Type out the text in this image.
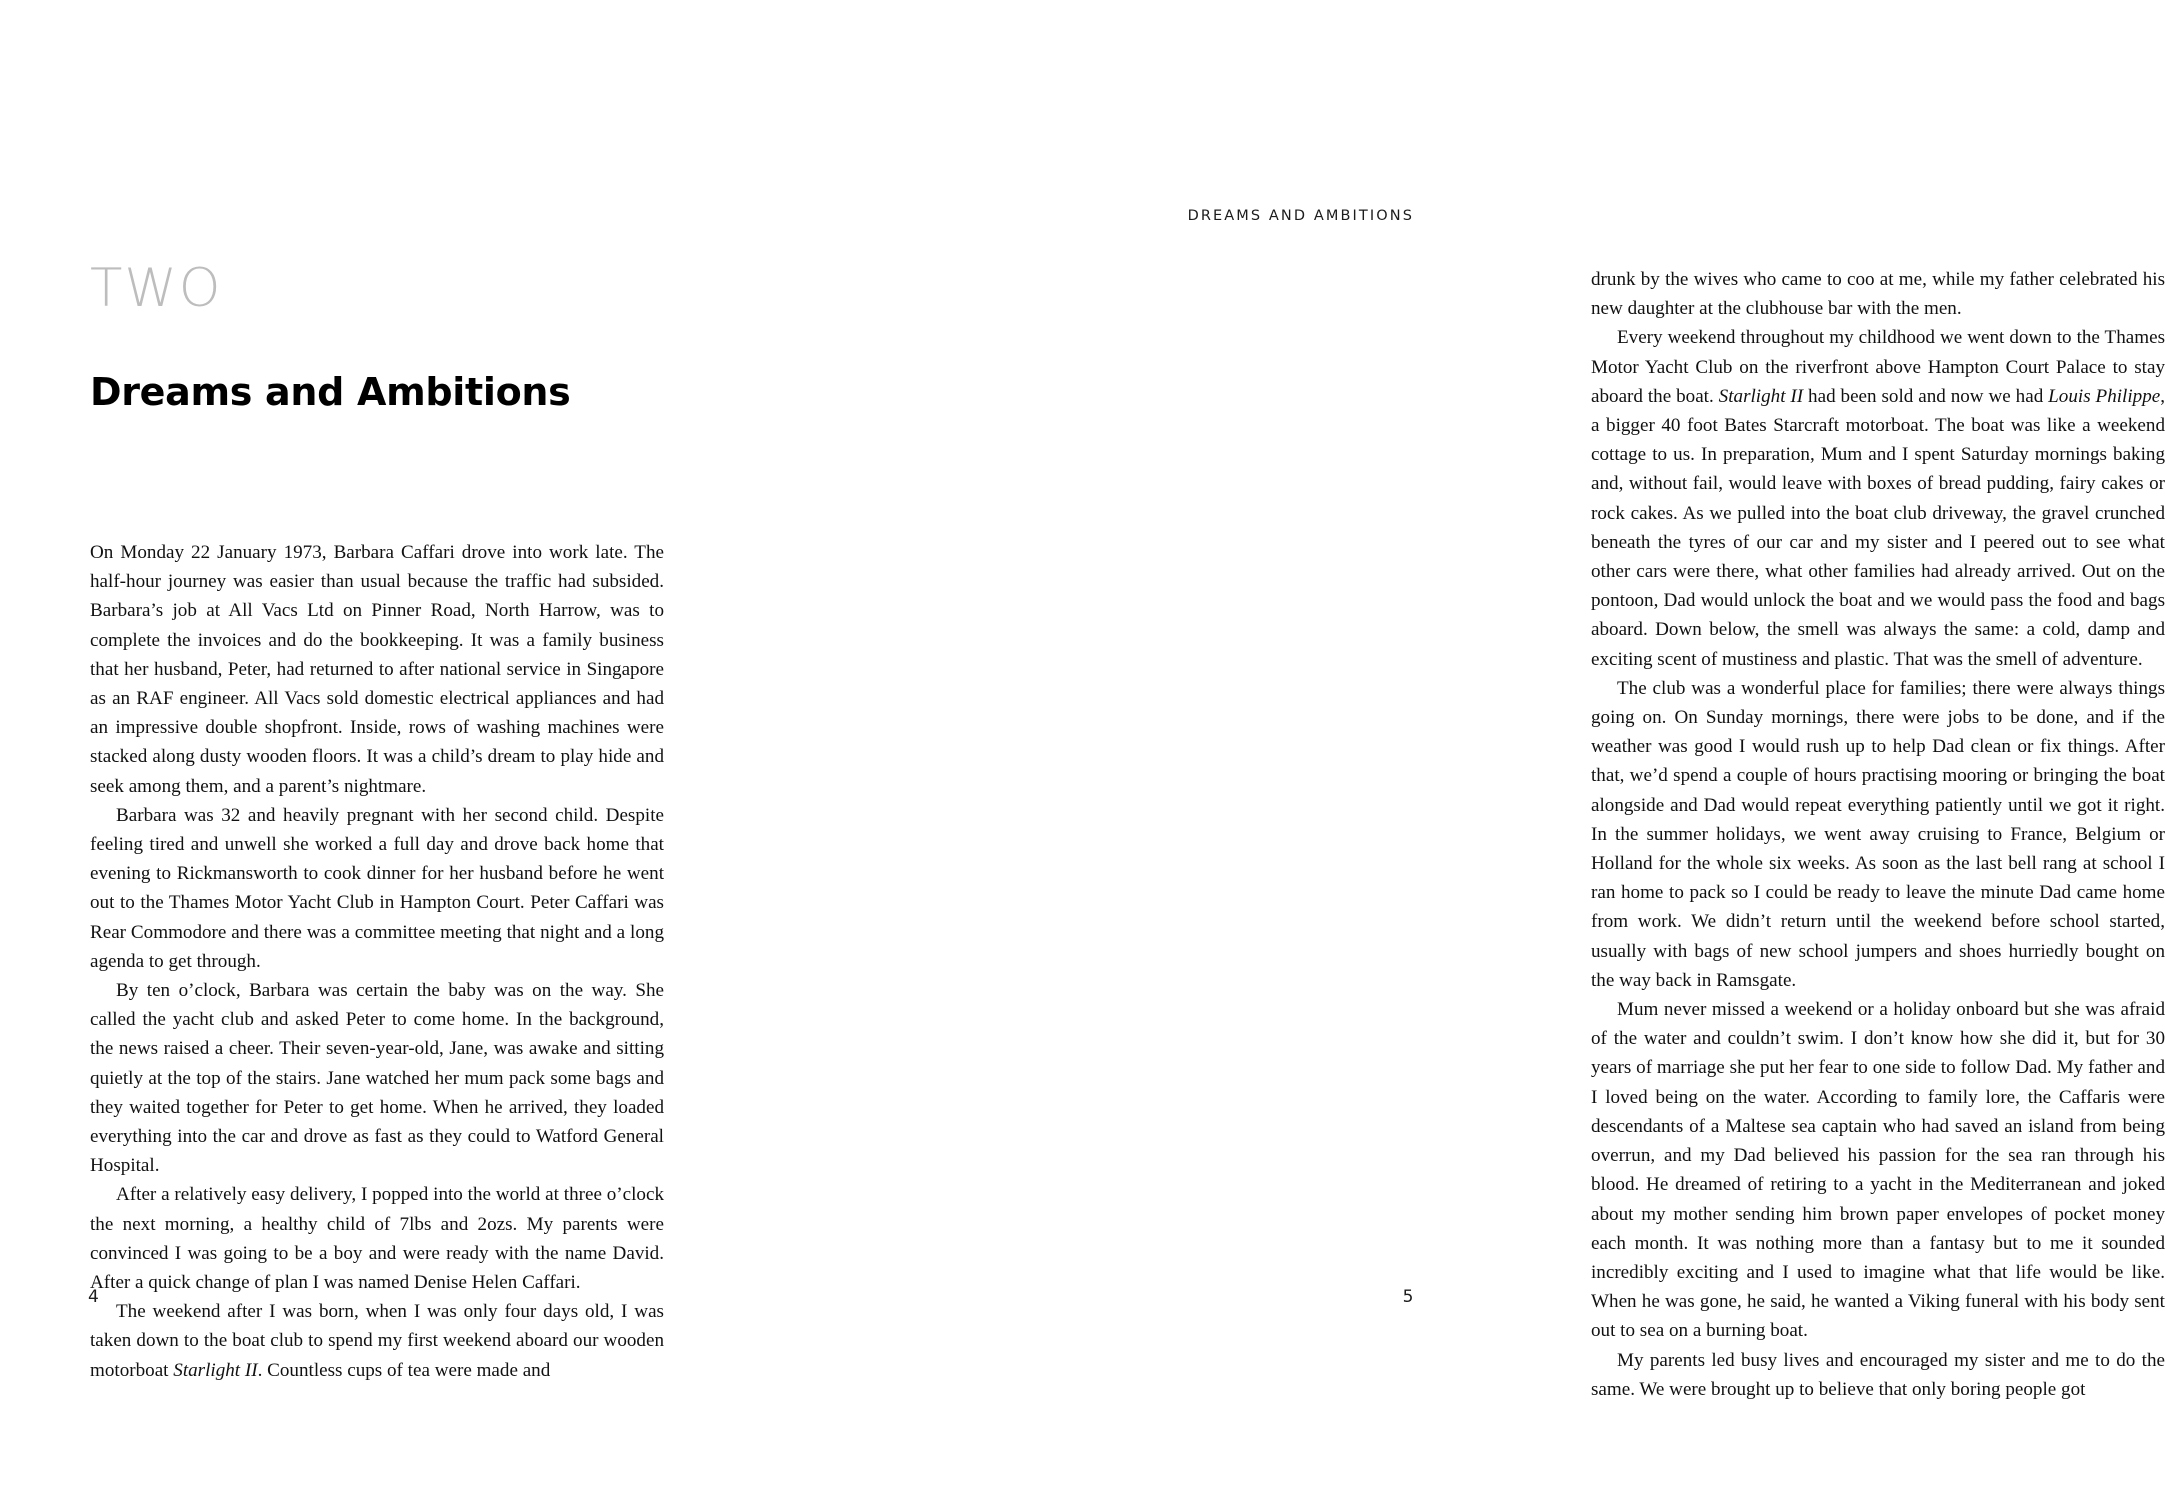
TWO
Dreams and Ambitions

On Monday 22 January 1973, Barbara Caffari drove into work late. The half-hour journey was easier than usual because the traffic had subsided. Barbara’s job at All Vacs Ltd on Pinner Road, North Harrow, was to complete the invoices and do the bookkeeping. It was a family business that her husband, Peter, had returned to after national service in Singapore as an RAF engineer. All Vacs sold domestic electrical appliances and had an impressive double shopfront. Inside, rows of washing machines were stacked along dusty wooden floors. It was a child’s dream to play hide and seek among them, and a parent’s nightmare.

Barbara was 32 and heavily pregnant with her second child. Despite feeling tired and unwell she worked a full day and drove back home that evening to Rickmansworth to cook dinner for her husband before he went out to the Thames Motor Yacht Club in Hampton Court. Peter Caffari was Rear Commodore and there was a committee meeting that night and a long agenda to get through.

By ten o’clock, Barbara was certain the baby was on the way. She called the yacht club and asked Peter to come home. In the background, the news raised a cheer. Their seven-year-old, Jane, was awake and sitting quietly at the top of the stairs. Jane watched her mum pack some bags and they waited together for Peter to get home. When he arrived, they loaded everything into the car and drove as fast as they could to Watford General Hospital.

After a relatively easy delivery, I popped into the world at three o’clock the next morning, a healthy child of 7lbs and 2ozs. My parents were convinced I was going to be a boy and were ready with the name David. After a quick change of plan I was named Denise Helen Caffari.

The weekend after I was born, when I was only four days old, I was taken down to the boat club to spend my first weekend aboard our wooden motorboat Starlight II. Countless cups of tea were made and

4
DREAMS AND AMBITIONS

drunk by the wives who came to coo at me, while my father celebrated his new daughter at the clubhouse bar with the men.

Every weekend throughout my childhood we went down to the Thames Motor Yacht Club on the riverfront above Hampton Court Palace to stay aboard the boat. Starlight II had been sold and now we had Louis Philippe, a bigger 40 foot Bates Starcraft motorboat. The boat was like a weekend cottage to us. In preparation, Mum and I spent Saturday mornings baking and, without fail, would leave with boxes of bread pudding, fairy cakes or rock cakes. As we pulled into the boat club driveway, the gravel crunched beneath the tyres of our car and my sister and I peered out to see what other cars were there, what other families had already arrived. Out on the pontoon, Dad would unlock the boat and we would pass the food and bags aboard. Down below, the smell was always the same: a cold, damp and exciting scent of mustiness and plastic. That was the smell of adventure.

The club was a wonderful place for families; there were always things going on. On Sunday mornings, there were jobs to be done, and if the weather was good I would rush up to help Dad clean or fix things. After that, we’d spend a couple of hours practising mooring or bringing the boat alongside and Dad would repeat everything patiently until we got it right. In the summer holidays, we went away cruising to France, Belgium or Holland for the whole six weeks. As soon as the last bell rang at school I ran home to pack so I could be ready to leave the minute Dad came home from work. We didn’t return until the weekend before school started, usually with bags of new school jumpers and shoes hurriedly bought on the way back in Ramsgate.

Mum never missed a weekend or a holiday onboard but she was afraid of the water and couldn’t swim. I don’t know how she did it, but for 30 years of marriage she put her fear to one side to follow Dad. My father and I loved being on the water. According to family lore, the Caffaris were descendants of a Maltese sea captain who had saved an island from being overrun, and my Dad believed his passion for the sea ran through his blood. He dreamed of retiring to a yacht in the Mediterranean and joked about my mother sending him brown paper envelopes of pocket money each month. It was nothing more than a fantasy but to me it sounded incredibly exciting and I used to imagine what that life would be like. When he was gone, he said, he wanted a Viking funeral with his body sent out to sea on a burning boat.

My parents led busy lives and encouraged my sister and me to do the same. We were brought up to believe that only boring people got

5
